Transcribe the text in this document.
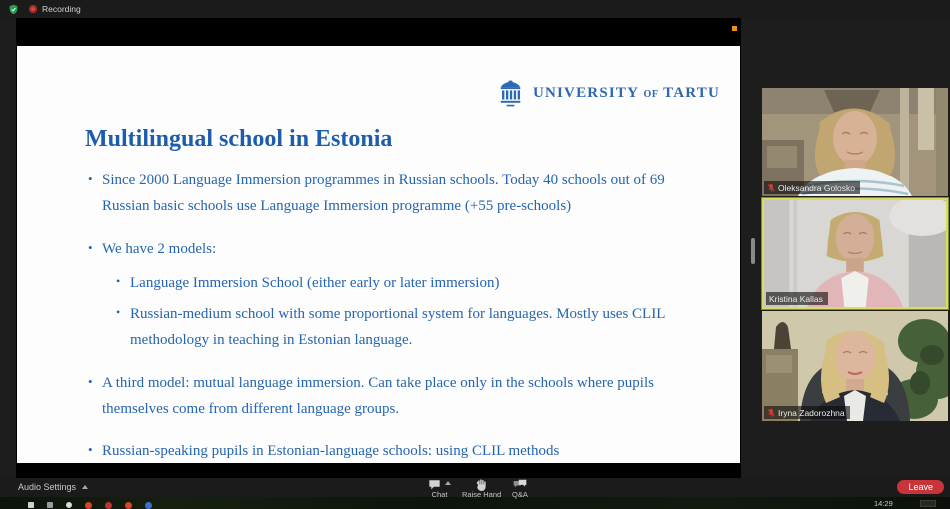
Recording
UNIVERSITY OF TARTU
Multilingual school in Estonia
• Since 2000 Language Immersion programmes in Russian schools. Today 40 schools out of 69 Russian basic schools use Language Immersion programme (+55 pre-schools)
• We have 2 models:
• Language Immersion School (either early or later immersion)
• Russian-medium school with some proportional system for languages. Mostly uses CLIL methodology in teaching in Estonian language.
• A third model: mutual language immersion. Can take place only in the schools where pupils themselves come from different language groups.
• Russian-speaking pupils in Estonian-language schools: using CLIL methods
Oleksandra Golosko
Kristina Kallas
Iryna Zadorozhna
Audio Settings
Chat Raise Hand Q&A
Leave
14:29
